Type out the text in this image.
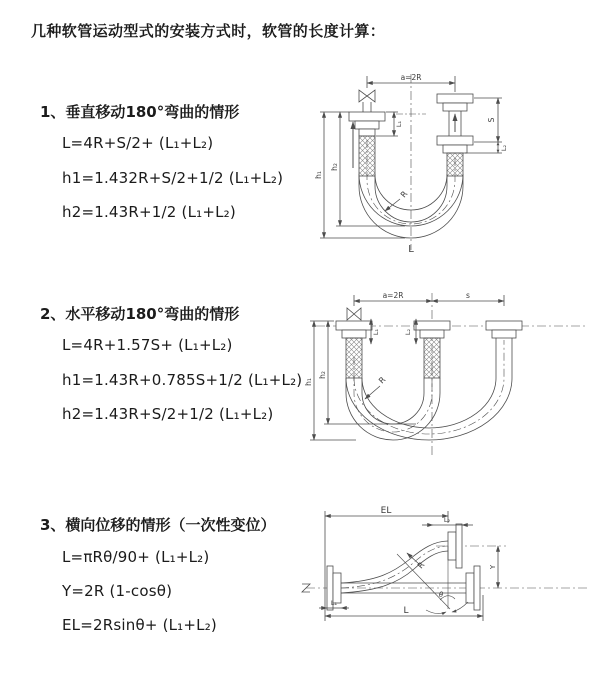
几种软管运动型式的安装方式时，软管的长度计算：
1、垂直移动180°弯曲的情形
L=4R+S/2+ (L₁+L₂)
h1=1.432R+S/2+1/2 (L₁+L₂)
h2=1.43R+1/2 (L₁+L₂)
a=2R
h₁
h₂
L₁
S
L₂
R
L
2、水平移动180°弯曲的情形
L=4R+1.57S+ (L₁+L₂)
h1=1.43R+0.785S+1/2 (L₁+L₂)
h2=1.43R+S/2+1/2 (L₁+L₂)
a=2R	s
L₁	L₂
h₁
h₂
R
3、横向位移的情形（一次性变位）
L=πRθ/90+ (L₁+L₂)
Y=2R (1-cosθ)
EL=2Rsinθ+ (L₁+L₂)
EL
L₂
Y
R
θ
L
L₁
